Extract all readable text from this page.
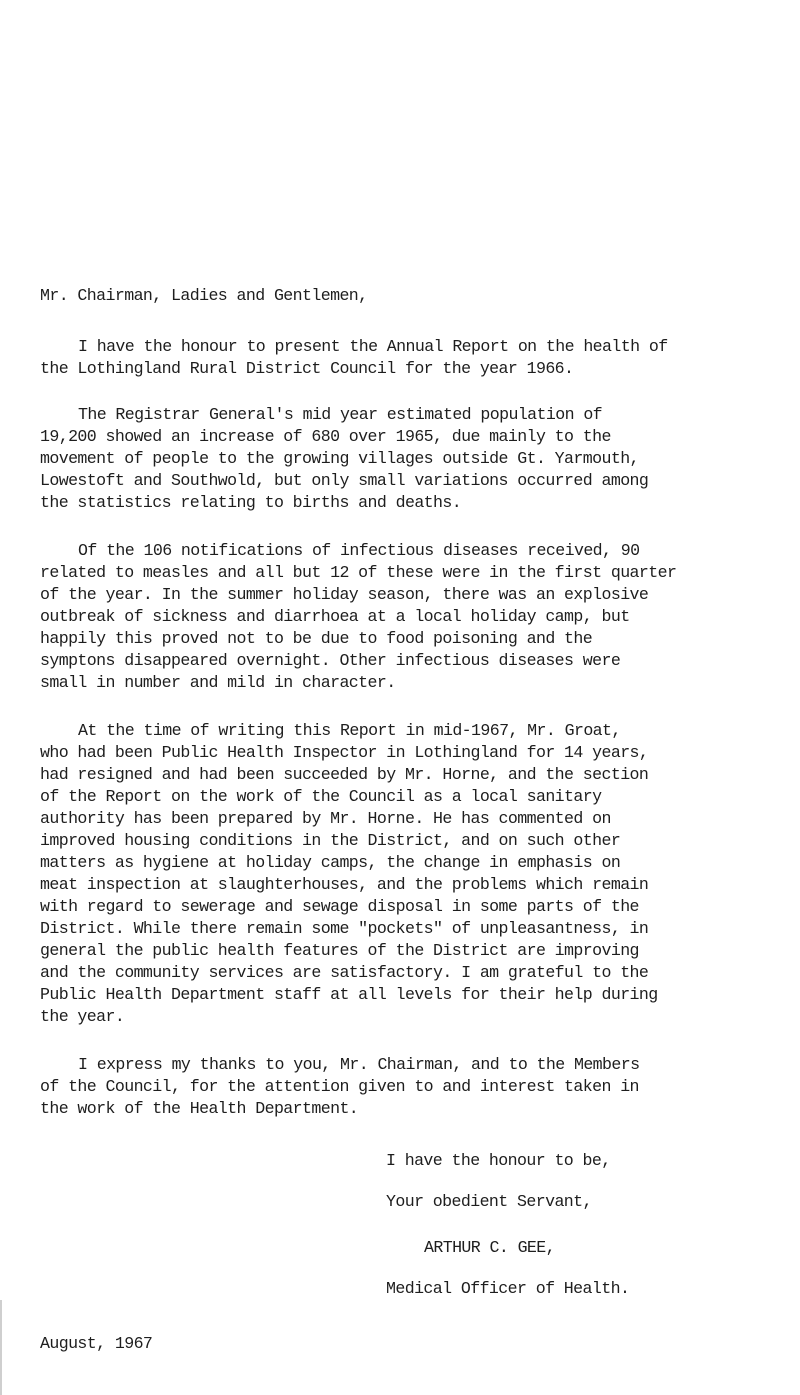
Mr. Chairman, Ladies and Gentlemen,
I have the honour to present the Annual Report on the health of
the Lothingland Rural District Council for the year 1966.
The Registrar General's mid year estimated population of
19,200 showed an increase of 680 over 1965, due mainly to the
movement of people to the growing villages outside Gt. Yarmouth,
Lowestoft and Southwold, but only small variations occurred among
the statistics relating to births and deaths.
Of the 106 notifications of infectious diseases received, 90
related to measles and all but 12 of these were in the first quarter
of the year. In the summer holiday season, there was an explosive
outbreak of sickness and diarrhoea at a local holiday camp, but
happily this proved not to be due to food poisoning and the
symptons disappeared overnight. Other infectious diseases were
small in number and mild in character.
At the time of writing this Report in mid-1967, Mr. Groat,
who had been Public Health Inspector in Lothingland for 14 years,
had resigned and had been succeeded by Mr. Horne, and the section
of the Report on the work of the Council as a local sanitary
authority has been prepared by Mr. Horne. He has commented on
improved housing conditions in the District, and on such other
matters as hygiene at holiday camps, the change in emphasis on
meat inspection at slaughterhouses, and the problems which remain
with regard to sewerage and sewage disposal in some parts of the
District. While there remain some "pockets" of unpleasantness, in
general the public health features of the District are improving
and the community services are satisfactory. I am grateful to the
Public Health Department staff at all levels for their help during
the year.
I express my thanks to you, Mr. Chairman, and to the Members
of the Council, for the attention given to and interest taken in
the work of the Health Department.
I have the honour to be,
Your obedient Servant,
ARTHUR C. GEE,
Medical Officer of Health.
August, 1967
